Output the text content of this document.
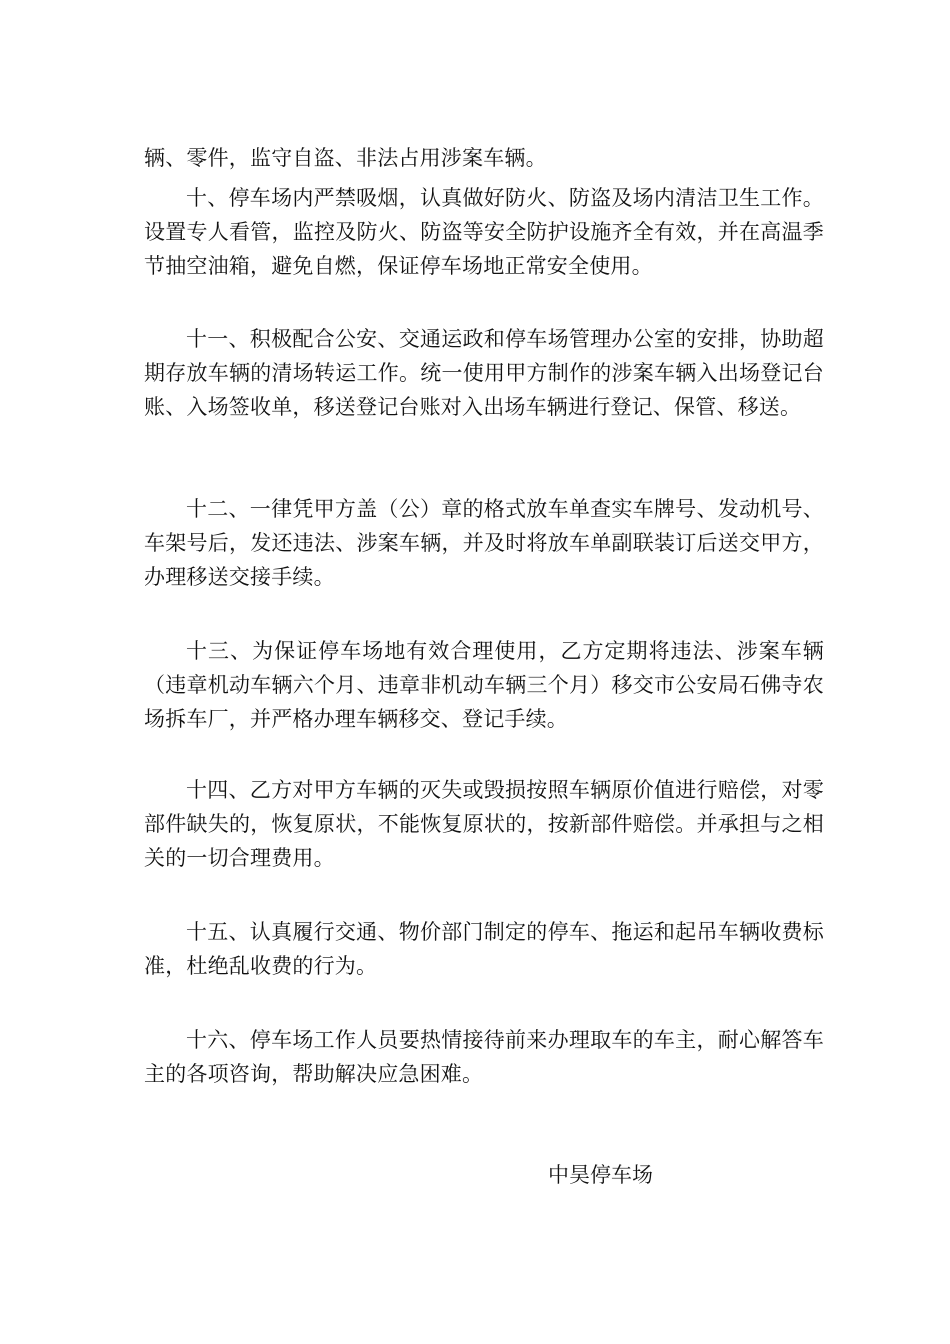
辆、零件，监守自盗、非法占用涉案车辆。

十、停车场内严禁吸烟，认真做好防火、防盗及场内清洁卫生工作。设置专人看管，监控及防火、防盗等安全防护设施齐全有效，并在高温季节抽空油箱，避免自燃，保证停车场地正常安全使用。

十一、积极配合公安、交通运政和停车场管理办公室的安排，协助超期存放车辆的清场转运工作。统一使用甲方制作的涉案车辆入出场登记台账、入场签收单，移送登记台账对入出场车辆进行登记、保管、移送。

十二、一律凭甲方盖（公）章的格式放车单查实车牌号、发动机号、车架号后，发还违法、涉案车辆，并及时将放车单副联装订后送交甲方，办理移送交接手续。

十三、为保证停车场地有效合理使用，乙方定期将违法、涉案车辆（违章机动车辆六个月、违章非机动车辆三个月）移交市公安局石佛寺农场拆车厂，并严格办理车辆移交、登记手续。

十四、乙方对甲方车辆的灭失或毁损按照车辆原价值进行赔偿，对零部件缺失的，恢复原状，不能恢复原状的，按新部件赔偿。并承担与之相关的一切合理费用。

十五、认真履行交通、物价部门制定的停车、拖运和起吊车辆收费标准，杜绝乱收费的行为。

十六、停车场工作人员要热情接待前来办理取车的车主，耐心解答车主的各项咨询，帮助解决应急困难。

中昊停车场
